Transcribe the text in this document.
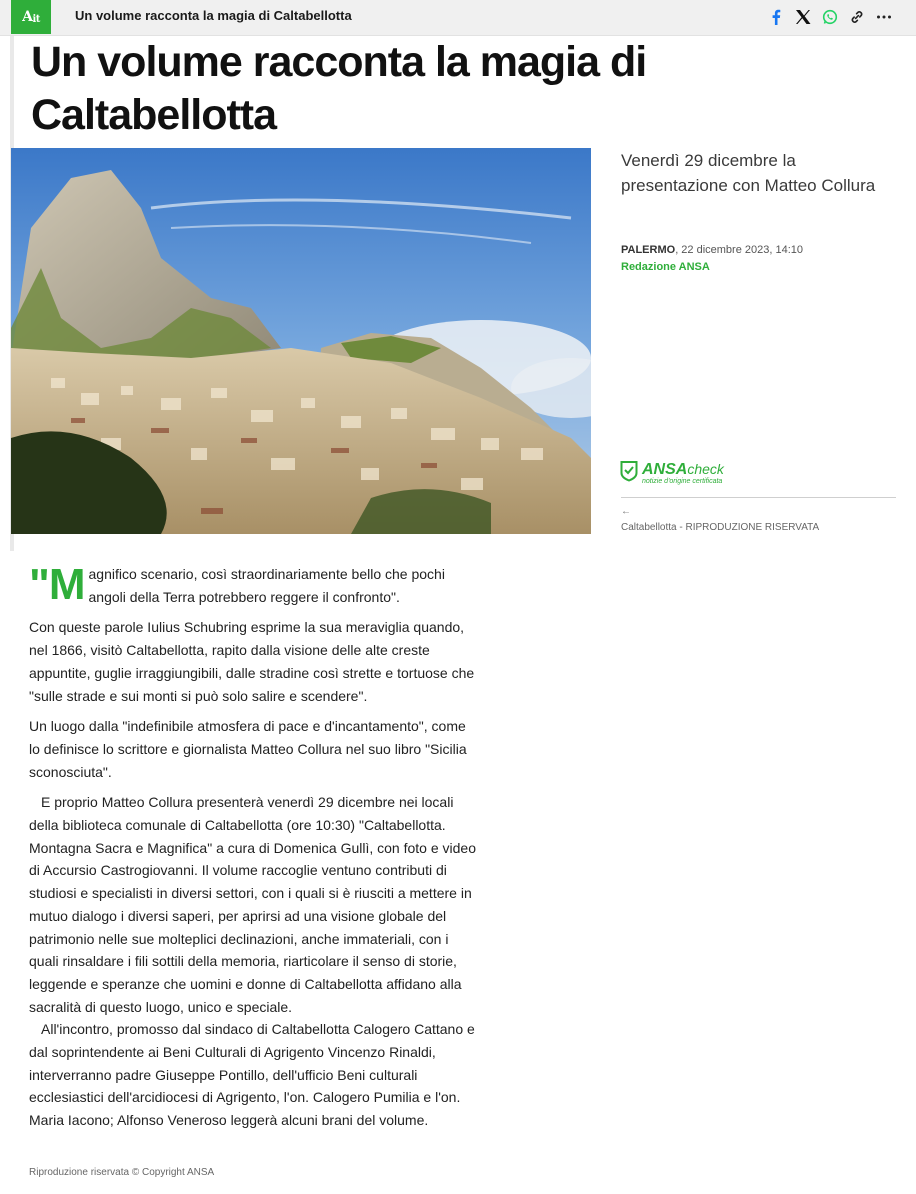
$A_{it}$	Un volume racconta la magia di Caltabellotta
Un volume racconta la magia di Caltabellotta
Venerdì 29 dicembre la presentazione con Matteo Collura
PALERMO, 22 dicembre 2023, 14:10
Redazione ANSA
ANSAcheck
notizie d'origine certificata
←
Caltabellotta - RIPRODUZIONE RISERVATA
"M agnifico scenario, così straordinariamente bello che pochi angoli della Terra potrebbero reggere il confronto".

Con queste parole Iulius Schubring esprime la sua meraviglia quando, nel 1866, visitò Caltabellotta, rapito dalla visione delle alte creste appuntite, guglie irraggiungibili, dalle stradine così strette e tortuose che "sulle strade e sui monti si può solo salire e scendere".

Un luogo dalla "indefinibile atmosfera di pace e d'incantamento", come lo definisce lo scrittore e giornalista Matteo Collura nel suo libro "Sicilia sconosciuta".

E proprio Matteo Collura presenterà venerdì 29 dicembre nei locali della biblioteca comunale di Caltabellotta (ore 10:30) "Caltabellotta. Montagna Sacra e Magnifica" a cura di Domenica Gullì, con foto e video di Accursio Castrogiovanni. Il volume raccoglie ventuno contributi di studiosi e specialisti in diversi settori, con i quali si è riusciti a mettere in mutuo dialogo i diversi saperi, per aprirsi ad una visione globale del patrimonio nelle sue molteplici declinazioni, anche immateriali, con i quali rinsaldare i fili sottili della memoria, riarticolare il senso di storie, leggende e speranze che uomini e donne di Caltabellotta affidano alla sacralità di questo luogo, unico e speciale.

All'incontro, promosso dal sindaco di Caltabellotta Calogero Cattano e dal soprintendente ai Beni Culturali di Agrigento Vincenzo Rinaldi, interverranno padre Giuseppe Pontillo, dell'ufficio Beni culturali ecclesiastici dell'arcidiocesi di Agrigento, l'on. Calogero Pumilia e l'on. Maria Iacono; Alfonso Veneroso leggerà alcuni brani del volume.

Riproduzione riservata © Copyright ANSA
